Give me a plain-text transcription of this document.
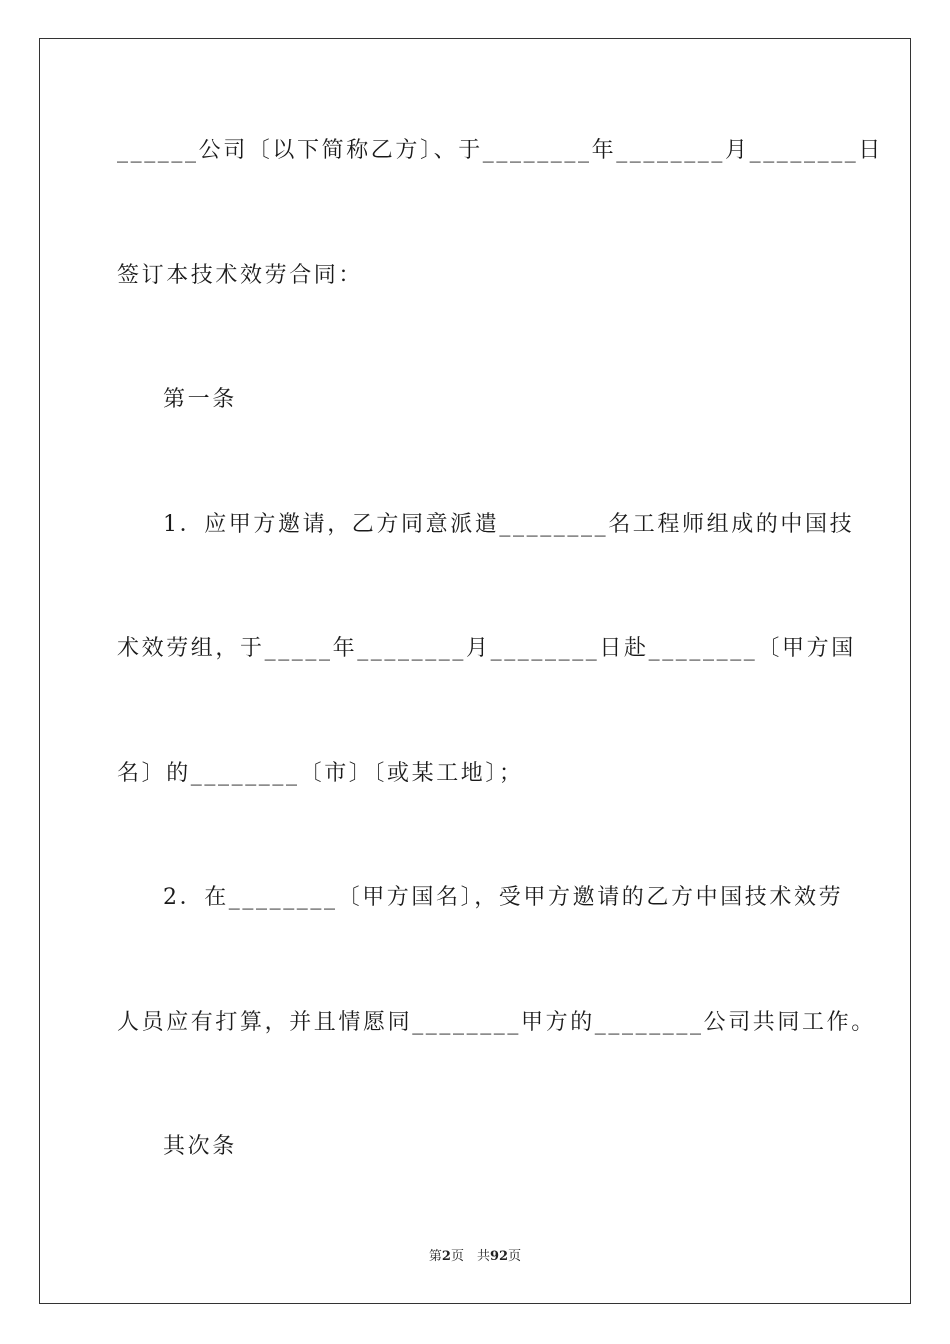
______公司〔以下简称乙方〕、于________年________月________日
签订本技术效劳合同：
第一条
1．应甲方邀请，乙方同意派遣________名工程师组成的中国技
术效劳组，于_____年________月________日赴________〔甲方国
名〕的________〔市〕〔或某工地〕；
2．在________〔甲方国名〕，受甲方邀请的乙方中国技术效劳
人员应有打算，并且情愿同________甲方的________公司共同工作。
其次条
第2页　共92页
